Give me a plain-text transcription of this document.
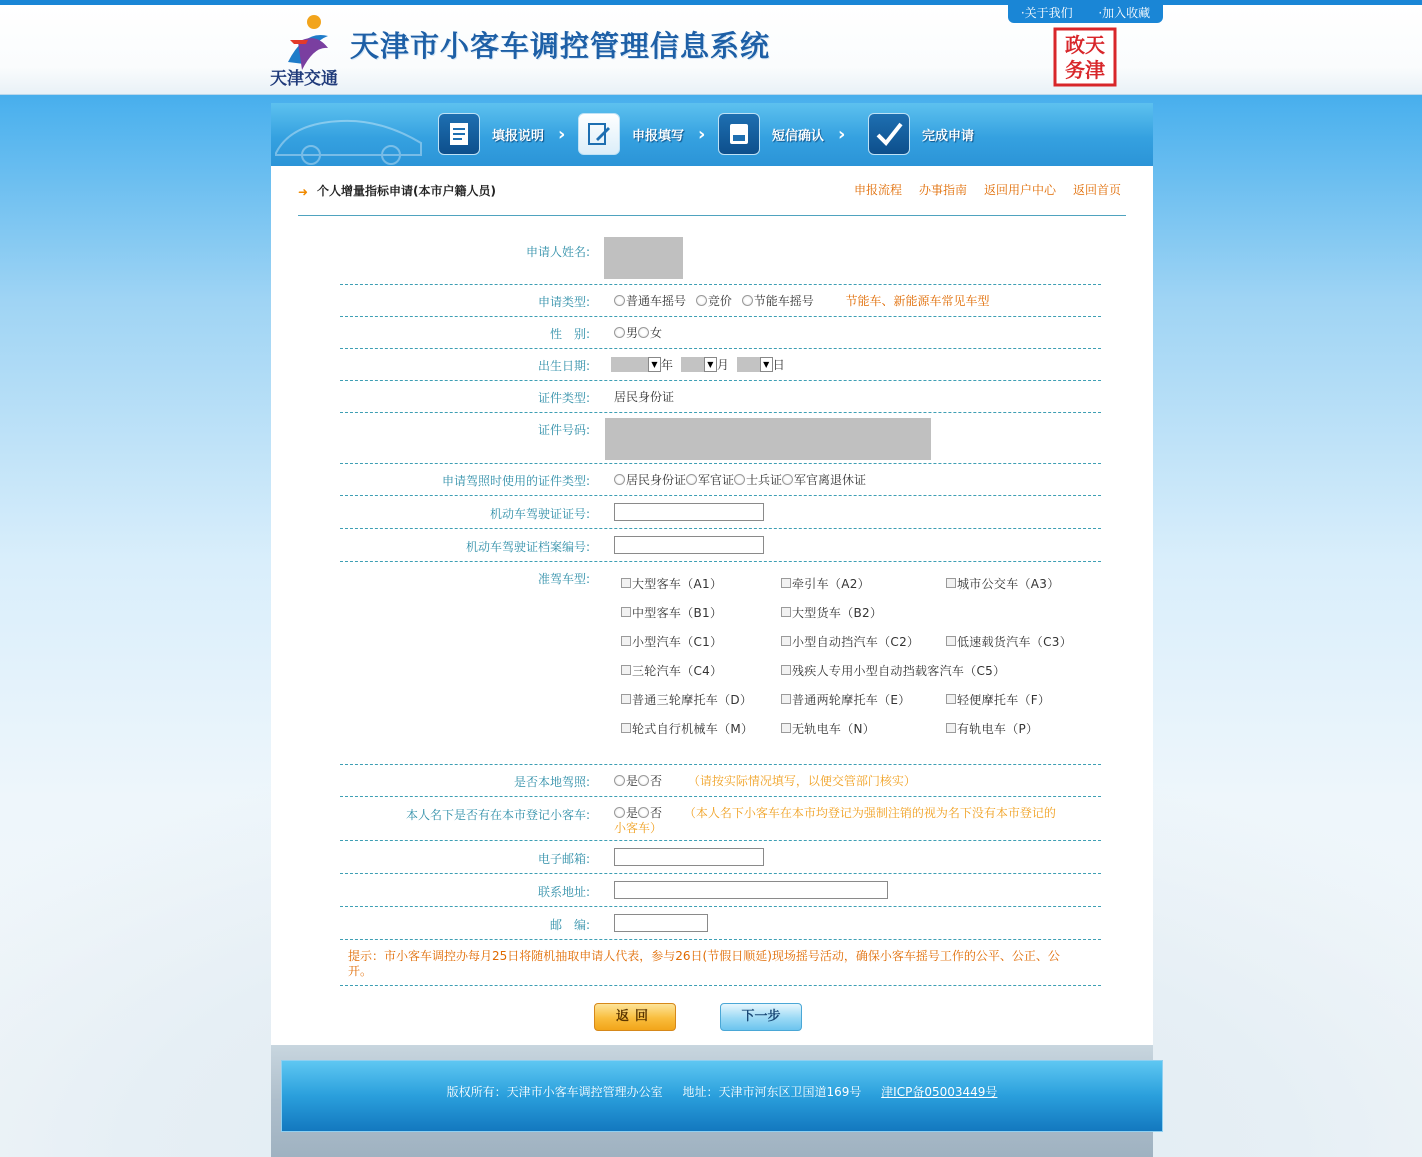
天津交通
天津市小客车调控管理信息系统
·关于我们 ·加入收藏
政天
务津
填报说明 ›	申报填写 ›	短信确认 ›	完成申请
➜ 个人增量指标申请(本市户籍人员)	申报流程 办事指南 返回用户中心 返回首页
申请人姓名:
申请类型:	普通车摇号 竞价 节能车摇号	节能车、新能源车常见车型
性　别:	男 女
出生日期:	▼ 年	▼ 月	▼ 日
证件类型: 居民身份证
证件号码:
申请驾照时使用的证件类型:	居民身份证 军官证 士兵证 军官离退休证
机动车驾驶证证号:
机动车驾驶证档案编号:
准驾车型:	大型客车（A1）	牵引车（A2）	城市公交车（A3）
中型客车（B1）	大型货车（B2）
小型汽车（C1）	小型自动挡汽车（C2）	低速载货汽车（C3）
三轮汽车（C4）	残疾人专用小型自动挡载客汽车（C5）
普通三轮摩托车（D）	普通两轮摩托车（E）	轻便摩托车（F）
轮式自行机械车（M）	无轨电车（N）	有轨电车（P）
是否本地驾照:	是 否 （请按实际情况填写，以便交管部门核实）
本人名下是否有在本市登记小客车:	是 否 （本人名下小客车在本市均登记为强制注销的视为名下没有本市登记的
小客车）
电子邮箱:
联系地址:
邮　编:
提示：市小客车调控办每月25日将随机抽取申请人代表，参与26日(节假日顺延)现场摇号活动，确保小客车摇号工作的公平、公正、公
开。
返回	下一步
版权所有：天津市小客车调控管理办公室 地址：天津市河东区卫国道169号 津ICP备05003449号
